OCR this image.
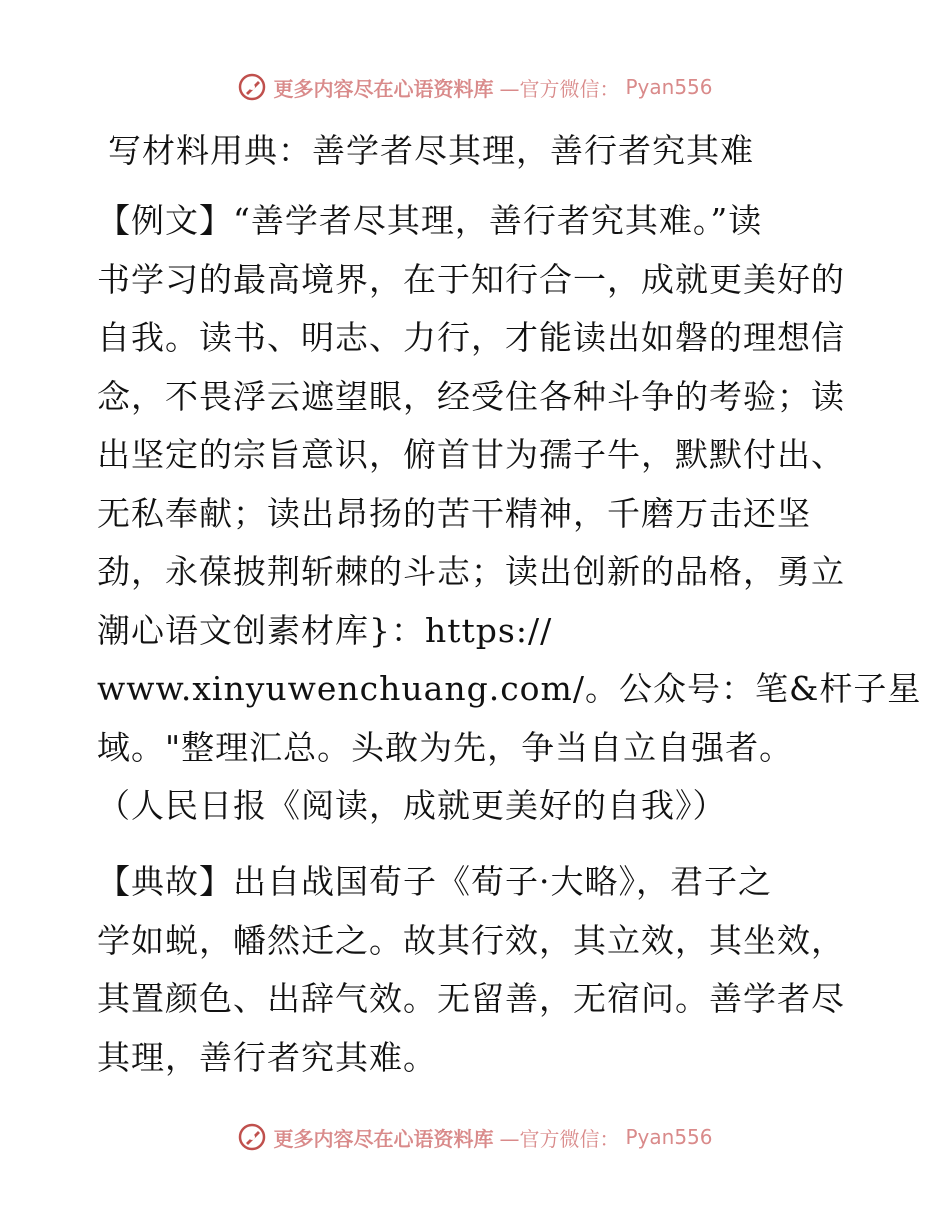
更多内容尽在心语资料库 —官方微信： Pyan556
写材料用典：善学者尽其理，善行者究其难
【例文】“善学者尽其理，善行者究其难。”读
书学习的最高境界，在于知行合一，成就更美好的
自我。读书、明志、力行，才能读出如磐的理想信
念，不畏浮云遮望眼，经受住各种斗争的考验；读
出坚定的宗旨意识，俯首甘为孺子牛，默默付出、
无私奉献；读出昂扬的苦干精神，千磨万击还坚
劲，永葆披荆斩棘的斗志；读出创新的品格，勇立
潮心语文创素材库}：https://
www.xinyuwenchuang.com/。公众号：笔&杆子星
域。"整理汇总。头敢为先，争当自立自强者。
（人民日报《阅读，成就更美好的自我》）
【典故】出自战国荀子《荀子·大略》，君子之
学如蜕，幡然迁之。故其行效，其立效，其坐效，
其置颜色、出辞气效。无留善，无宿问。善学者尽
其理，善行者究其难。
更多内容尽在心语资料库 —官方微信： Pyan556
